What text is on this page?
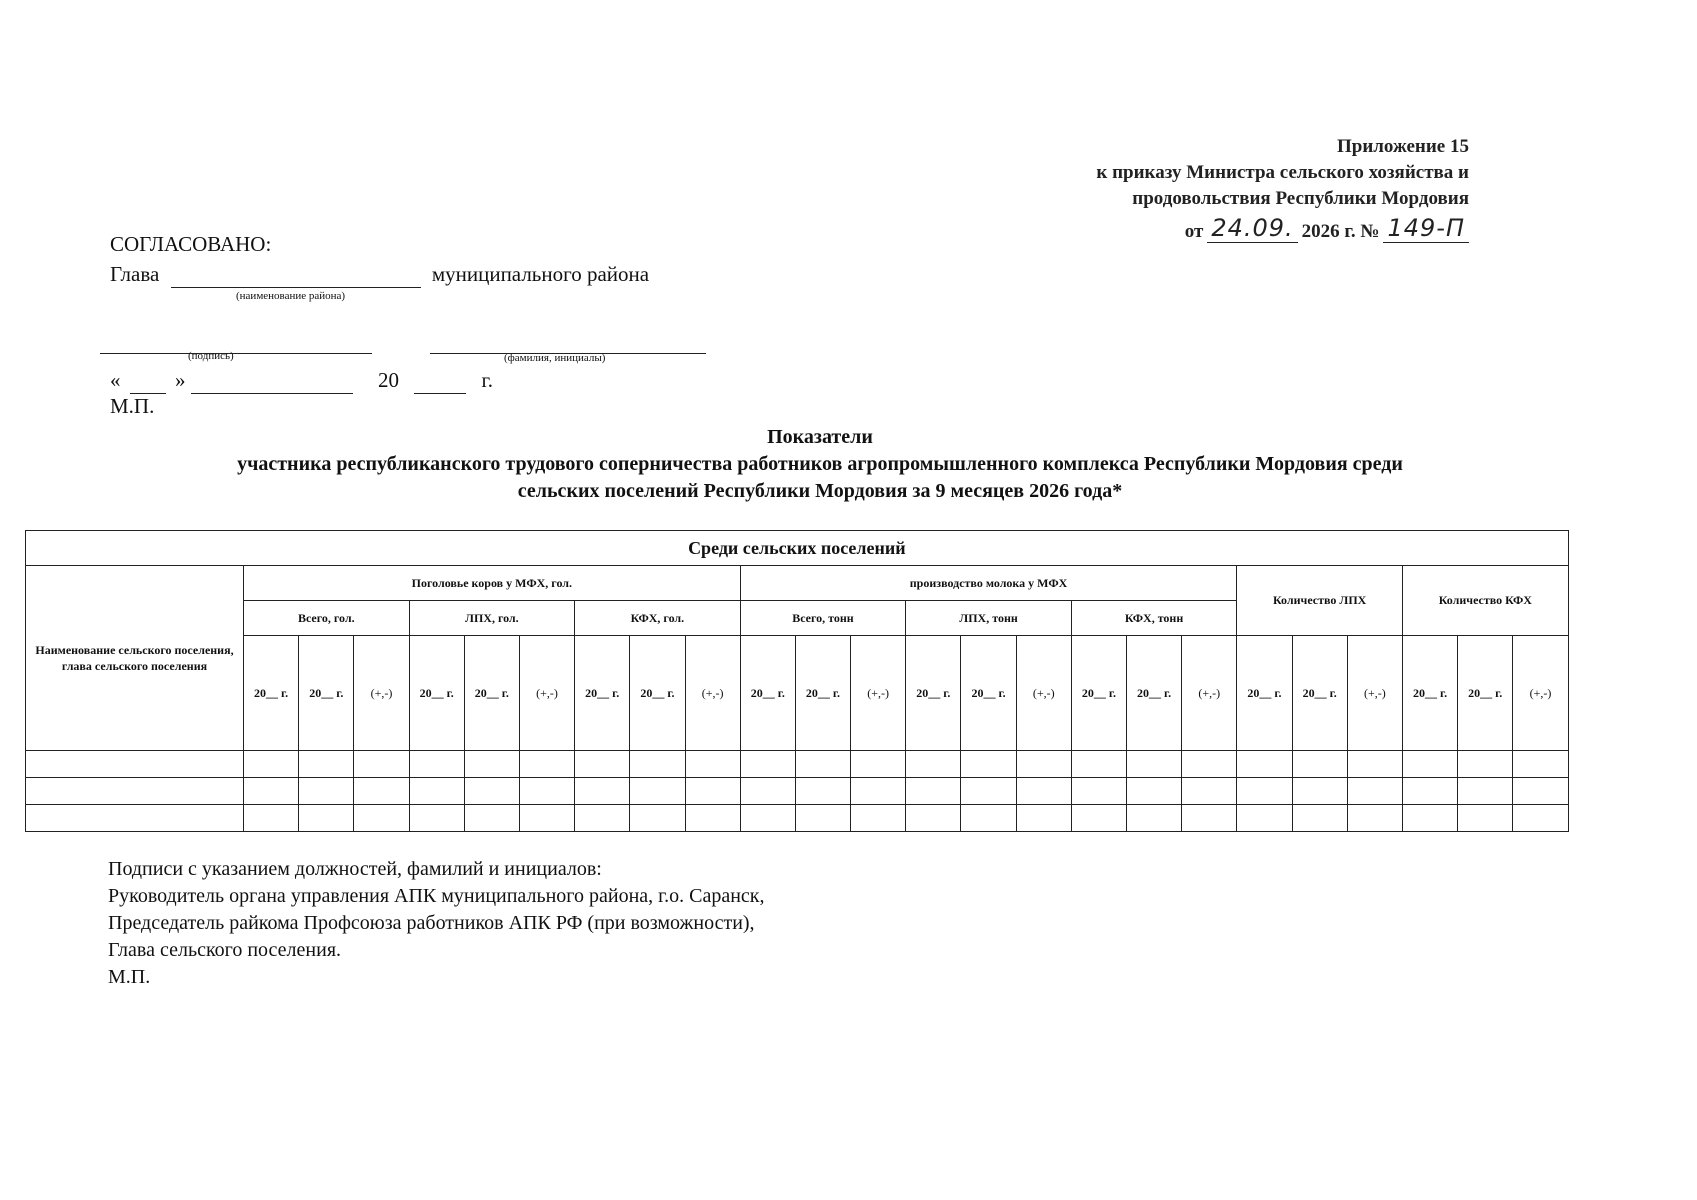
Приложение 15
к приказу Министра сельского хозяйства и
продовольствия Республики Мордовия
от 24.09. 2026 г. № 149-П
СОГЛАСОВАНО:
Глава	муниципального района
(наименование района)

(подпись)	(фамилия, инициалы)
«	»	20	г.
М.П.
Показатели
участника республиканского трудового соперничества работников агропромышленного комплекса Республики Мордовия среди
сельских поселений Республики Мордовия за 9 месяцев 2026 года*
Среди сельских поселений																								
Наименование сельского поселения, глава сельского поселения	Поголовье коров у МФХ, гол.									производство молока у МФХ									Количество ЛПХ			Количество КФХ		
	Всего, гол.			ЛПХ, гол.			КФХ, гол.			Всего, тонн			ЛПХ, тонн			КФХ, тонн								
	20__ г.	20__ г.	(+,-)	20__ г.	20__ г.	(+,-)	20__ г.	20__ г.	(+,-)	20__ г.	20__ г.	(+,-)	20__ г.	20__ г.	(+,-)	20__ г.	20__ г.	(+,-)	20__ г.	20__ г.	(+,-)	20__ г.	20__ г.	(+,-)

Подписи с указанием должностей, фамилий и инициалов:
Руководитель органа управления АПК муниципального района, г.о. Саранск,
Председатель райкома Профсоюза работников АПК РФ (при возможности),
Глава сельского поселения.
М.П.
